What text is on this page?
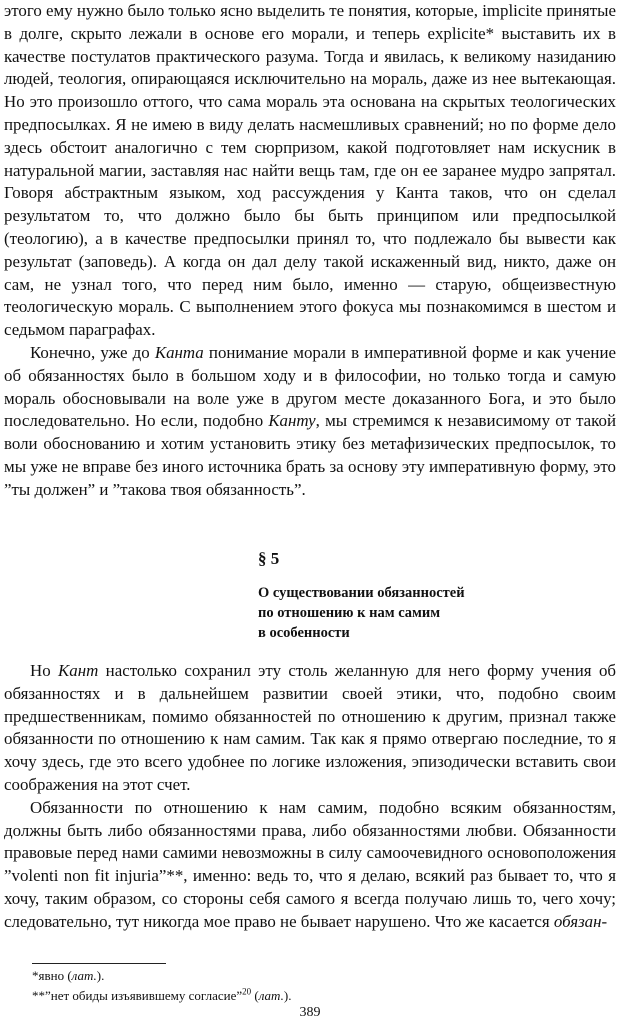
этого ему нужно было только ясно выделить те понятия, которые, implicite принятые в долге, скрыто лежали в основе его морали, и теперь explicite* выставить их в качестве постулатов практического разума. Тогда и явилась, к великому назиданию людей, теология, опирающаяся исключительно на мораль, даже из нее вытекающая. Но это произошло оттого, что сама мораль эта основана на скрытых теологических предпосылках. Я не имею в виду делать насмешливых сравнений; но по форме дело здесь обстоит аналогично с тем сюрпризом, какой подготовляет нам искусник в натуральной магии, заставляя нас найти вещь там, где он ее заранее мудро запрятал. Говоря абстрактным языком, ход рассуждения у Канта таков, что он сделал результатом то, что должно было бы быть принципом или предпосылкой (теологию), а в качестве предпосылки принял то, что подлежало бы вывести как результат (заповедь). А когда он дал делу такой искаженный вид, никто, даже он сам, не узнал того, что перед ним было, именно — старую, общеизвестную теологическую мораль. С выполнением этого фокуса мы познакомимся в шестом и седьмом параграфах.

Конечно, уже до Канта понимание морали в императивной форме и как учение об обязанностях было в большом ходу и в философии, но только тогда и самую мораль обосновывали на воле уже в другом месте доказанного Бога, и это было последовательно. Но если, подобно Канту, мы стремимся к независимому от такой воли обоснованию и хотим установить этику без метафизических предпосылок, то мы уже не вправе без иного источника брать за основу эту императивную форму, это ”ты должен” и ”такова твоя обязанность”.

§ 5
О существовании обязанностей
по отношению к нам самим
в особенности

Но Кант настолько сохранил эту столь желанную для него форму учения об обязанностях и в дальнейшем развитии своей этики, что, подобно своим предшественникам, помимо обязанностей по отношению к другим, признал также обязанности по отношению к нам самим. Так как я прямо отвергаю последние, то я хочу здесь, где это всего удобнее по логике изложения, эпизодически вставить свои соображения на этот счет.

Обязанности по отношению к нам самим, подобно всяким обязанностям, должны быть либо обязанностями права, либо обязанностями любви. Обязанности правовые перед нами самими невозможны в силу самоочевидного основоположения ”volenti non fit injuria”**, именно: ведь то, что я делаю, всякий раз бывает то, что я хочу, таким образом, со стороны себя самого я всегда получаю лишь то, чего хочу; следовательно, тут никогда мое право не бывает нарушено. Что же касается обязан-

*явно (лат.).
**”нет обиды изъявившему согласие”$^{20}$ (лат.).
389
